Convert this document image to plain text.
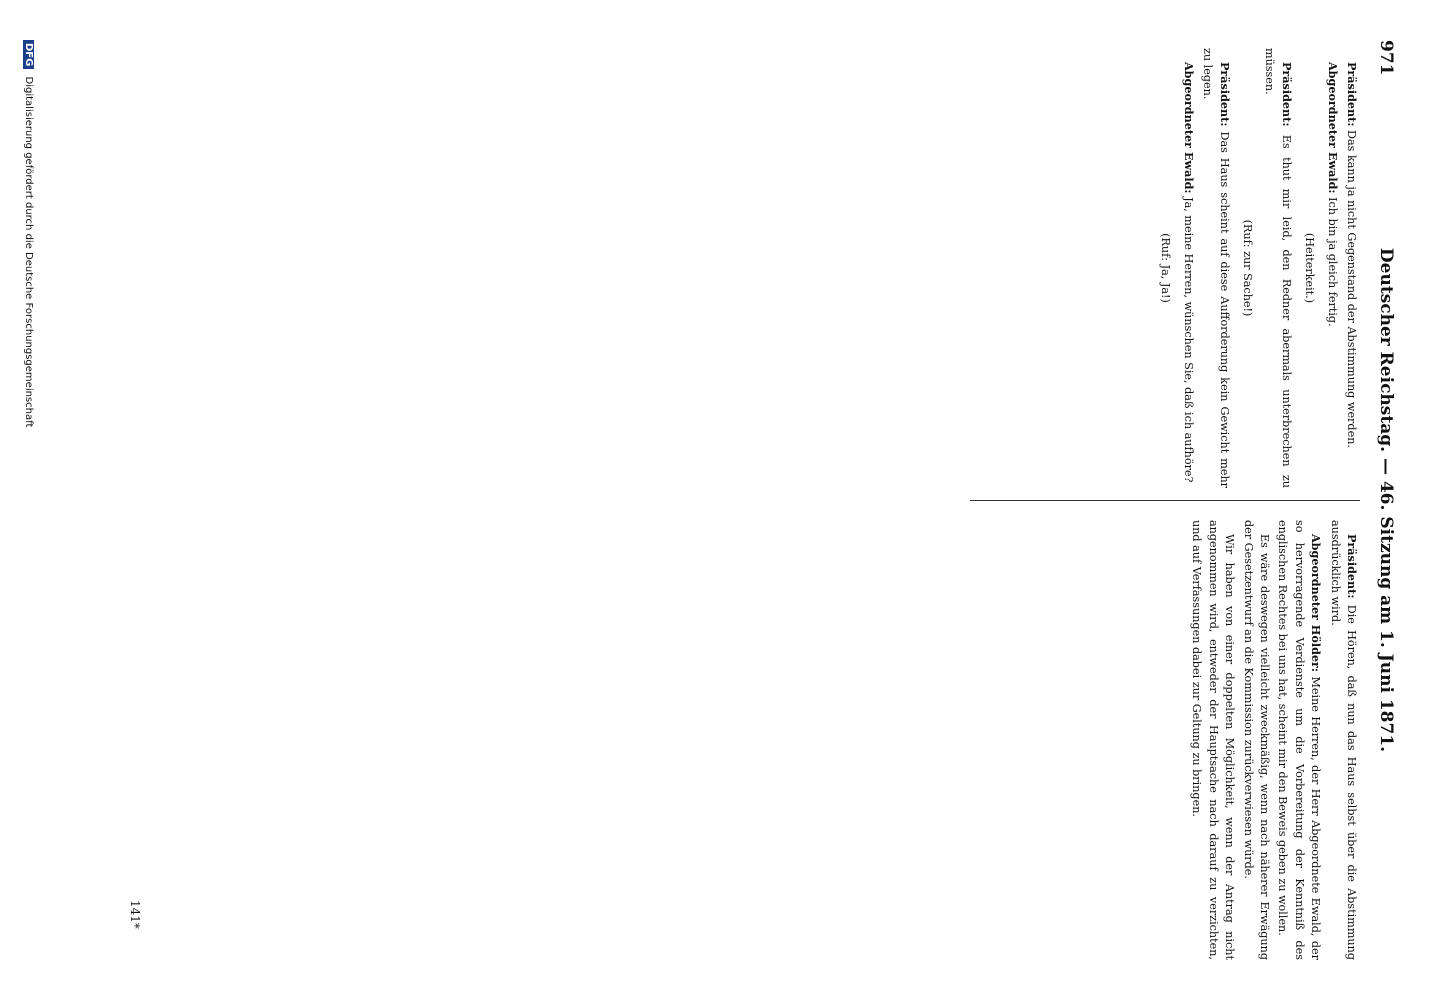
971
Deutscher Reichstag. — 46. Sitzung am 1. Juni 1871.

Präsident: Das kann ja nicht Gegenstand der Abstimmung werden.

Abgeordneter Ewald: Ich bin ja gleich fertig.

(Heiterkeit.)

Präsident: Es thut mir leid, den Redner abermals unterbrechen zu müssen.

(Ruf: zur Sache!)

Präsident: Das Haus scheint auf diese Aufforderung kein Gewicht mehr zu legen.

Abgeordneter Ewald: Ja, meine Herren, wünschen Sie, daß ich aufhöre?

(Ruf: Ja, Ja!)

Präsident: Die Hören, daß nun das Haus selbst über die Abstimmung ausdrücklich wird.

Abgeordneter Hölder: Meine Herren, der Herr Abgeordnete Ewald, der so hervorragende Verdienste um die Vorbereitung der Kenntniß des englischen Rechtes bei uns hat, scheint mir den Beweis geben zu wollen.

Es wäre deswegen vielleicht zweckmäßig, wenn nach näherer Erwägung der Gesetzentwurf an die Kommission zurückverwiesen würde.

Wir haben von einer doppelten Möglichkeit, wenn der Antrag nicht angenommen wird, entweder der Hauptsache nach darauf zu verzichten, und auf Verfassungen dabei zur Geltung zu bringen.

141*
DFG Digitalisierung gefördert durch die Deutsche Forschungsgemeinschaft
